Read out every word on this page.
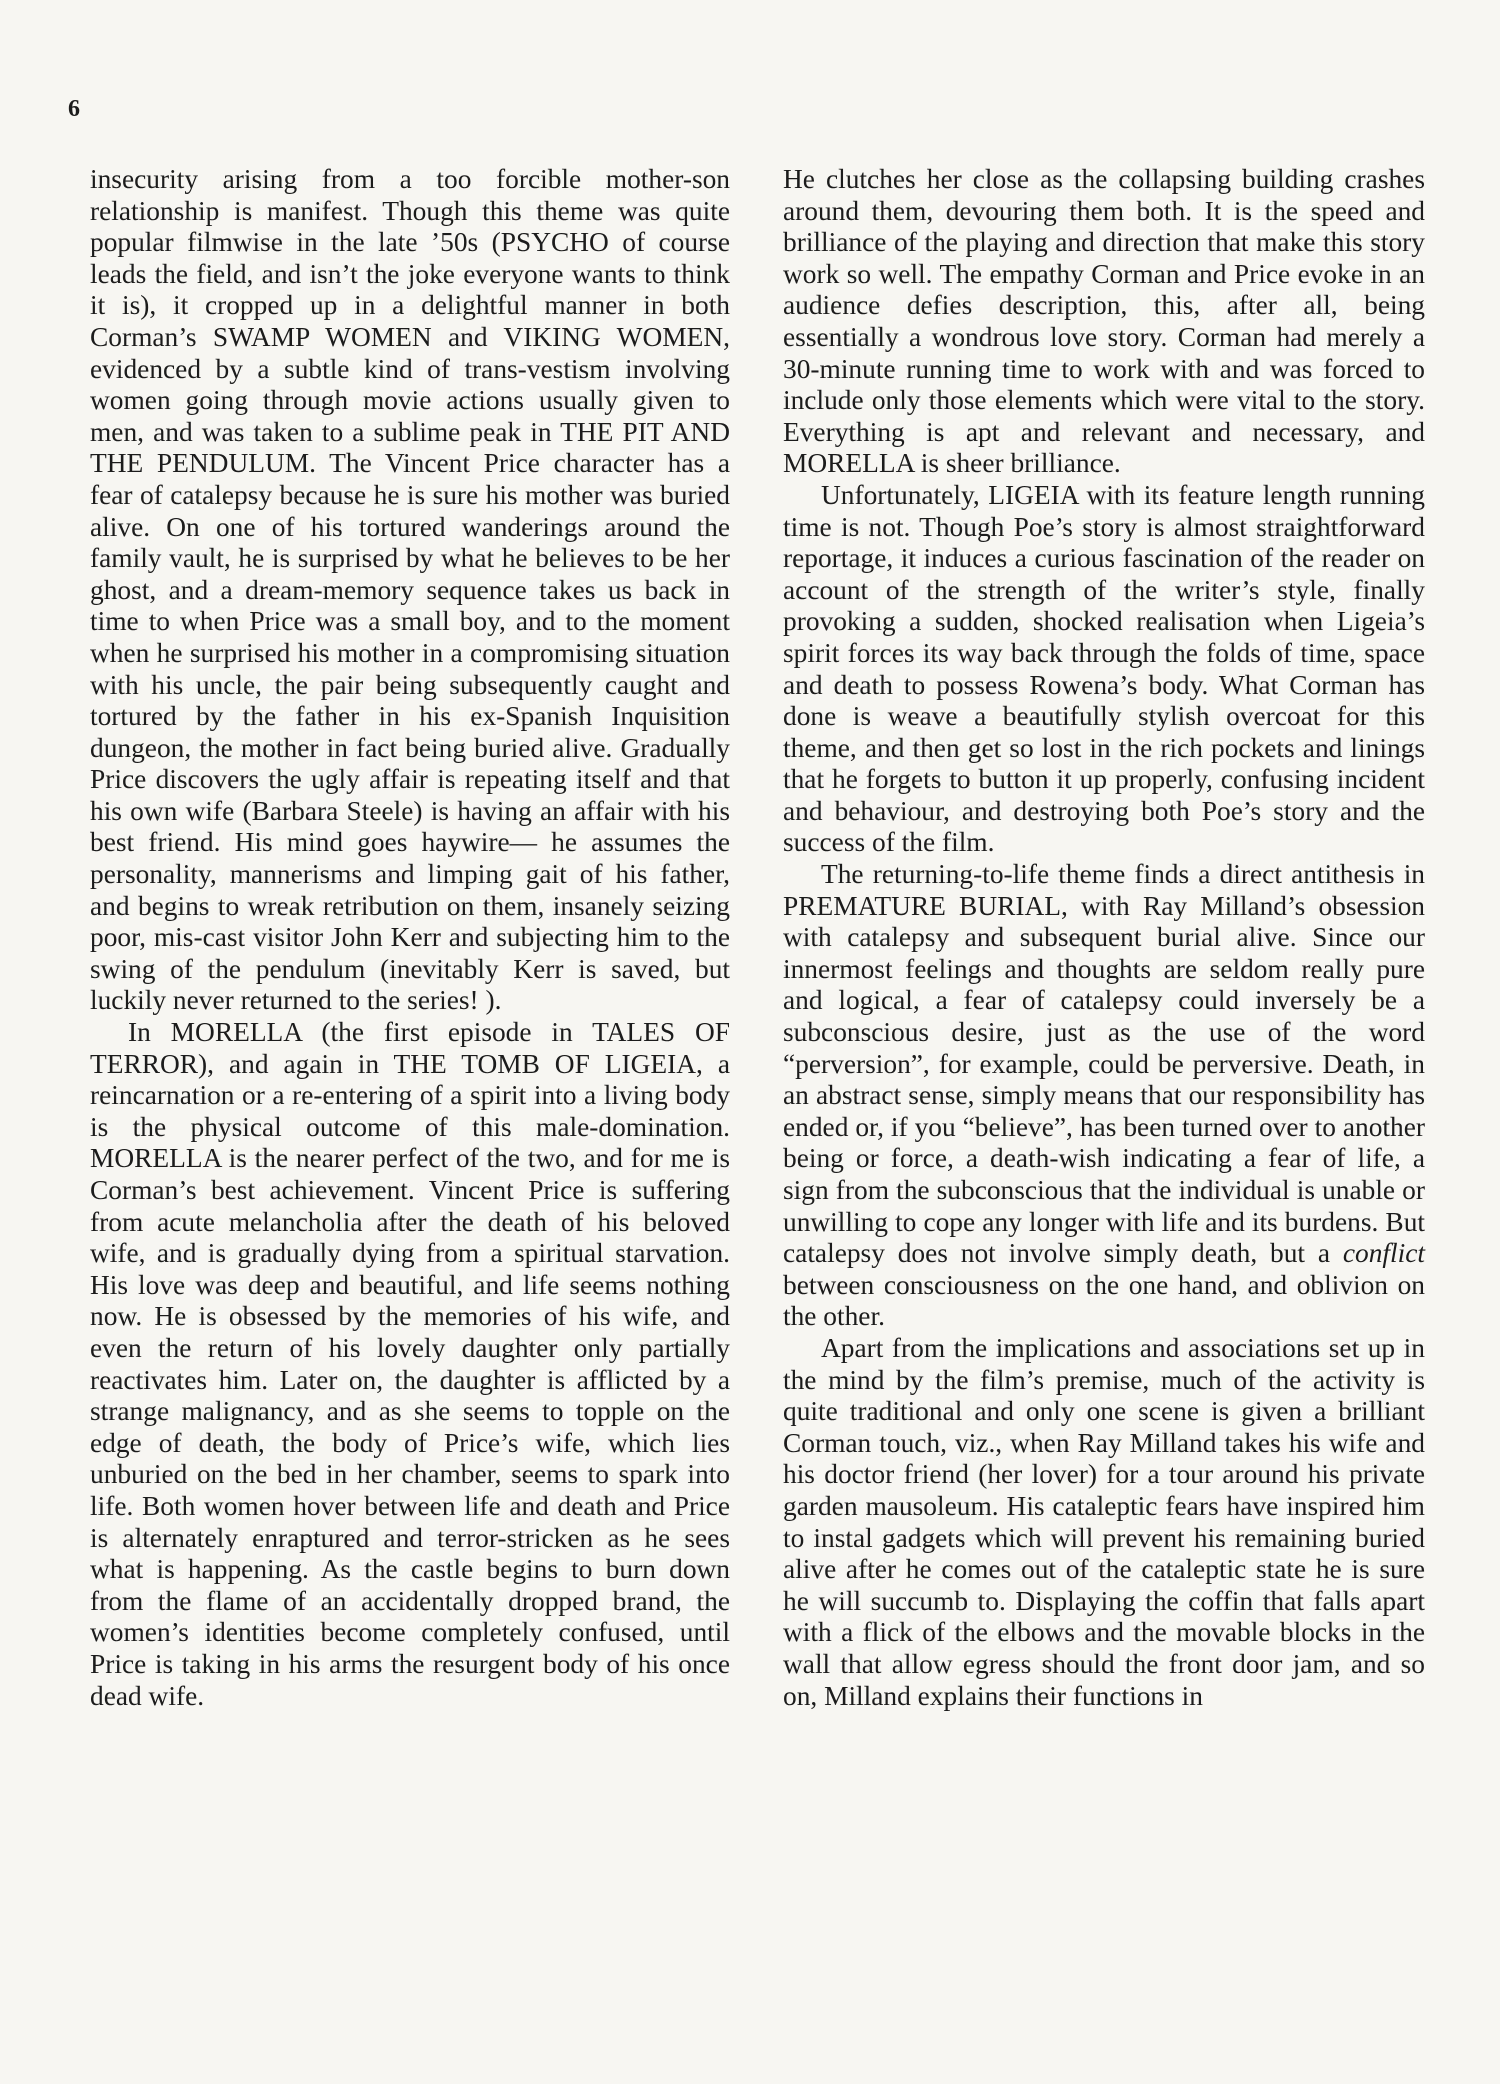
6

insecurity arising from a too forcible mother-son relationship is manifest. Though this theme was quite popular filmwise in the late ’50s (PSYCHO of course leads the field, and isn’t the joke everyone wants to think it is), it cropped up in a delightful manner in both Corman’s SWAMP WOMEN and VIKING WOMEN, evidenced by a subtle kind of trans-vestism involving women going through movie actions usually given to men, and was taken to a sublime peak in THE PIT AND THE PENDULUM. The Vincent Price character has a fear of catalepsy because he is sure his mother was buried alive. On one of his tortured wanderings around the family vault, he is surprised by what he believes to be her ghost, and a dream-memory sequence takes us back in time to when Price was a small boy, and to the moment when he surprised his mother in a compromising situation with his uncle, the pair being subsequently caught and tortured by the father in his ex-Spanish Inquisition dungeon, the mother in fact being buried alive. Gradually Price discovers the ugly affair is repeating itself and that his own wife (Barbara Steele) is having an affair with his best friend. His mind goes haywire— he assumes the personality, mannerisms and limping gait of his father, and begins to wreak retribution on them, insanely seizing poor, mis-cast visitor John Kerr and subjecting him to the swing of the pendulum (inevitably Kerr is saved, but luckily never returned to the series! ).

In MORELLA (the first episode in TALES OF TERROR), and again in THE TOMB OF LIGEIA, a reincarnation or a re-entering of a spirit into a living body is the physical outcome of this male-domination. MORELLA is the nearer perfect of the two, and for me is Corman’s best achievement. Vincent Price is suffering from acute melancholia after the death of his beloved wife, and is gradually dying from a spiritual starvation. His love was deep and beautiful, and life seems nothing now. He is obsessed by the memories of his wife, and even the return of his lovely daughter only partially reactivates him. Later on, the daughter is afflicted by a strange malignancy, and as she seems to topple on the edge of death, the body of Price’s wife, which lies unburied on the bed in her chamber, seems to spark into life. Both women hover between life and death and Price is alternately enraptured and terror-stricken as he sees what is happening. As the castle begins to burn down from the flame of an accidentally dropped brand, the women’s identities become completely confused, until Price is taking in his arms the resurgent body of his once dead wife.

He clutches her close as the collapsing building crashes around them, devouring them both. It is the speed and brilliance of the playing and direction that make this story work so well. The empathy Corman and Price evoke in an audience defies description, this, after all, being essentially a wondrous love story. Corman had merely a 30-minute running time to work with and was forced to include only those elements which were vital to the story. Everything is apt and relevant and necessary, and MORELLA is sheer brilliance.

Unfortunately, LIGEIA with its feature length running time is not. Though Poe’s story is almost straightforward reportage, it induces a curious fascination of the reader on account of the strength of the writer’s style, finally provoking a sudden, shocked realisation when Ligeia’s spirit forces its way back through the folds of time, space and death to possess Rowena’s body. What Corman has done is weave a beautifully stylish overcoat for this theme, and then get so lost in the rich pockets and linings that he forgets to button it up properly, confusing incident and behaviour, and destroying both Poe’s story and the success of the film.

The returning-to-life theme finds a direct antithesis in PREMATURE BURIAL, with Ray Milland’s obsession with catalepsy and subsequent burial alive. Since our innermost feelings and thoughts are seldom really pure and logical, a fear of catalepsy could inversely be a subconscious desire, just as the use of the word “perversion”, for example, could be perversive. Death, in an abstract sense, simply means that our responsibility has ended or, if you “believe”, has been turned over to another being or force, a death-wish indicating a fear of life, a sign from the subconscious that the individual is unable or unwilling to cope any longer with life and its burdens. But catalepsy does not involve simply death, but a conflict between consciousness on the one hand, and oblivion on the other.

Apart from the implications and associations set up in the mind by the film’s premise, much of the activity is quite traditional and only one scene is given a brilliant Corman touch, viz., when Ray Milland takes his wife and his doctor friend (her lover) for a tour around his private garden mausoleum. His cataleptic fears have inspired him to instal gadgets which will prevent his remaining buried alive after he comes out of the cataleptic state he is sure he will succumb to. Displaying the coffin that falls apart with a flick of the elbows and the movable blocks in the wall that allow egress should the front door jam, and so on, Milland explains their functions in
